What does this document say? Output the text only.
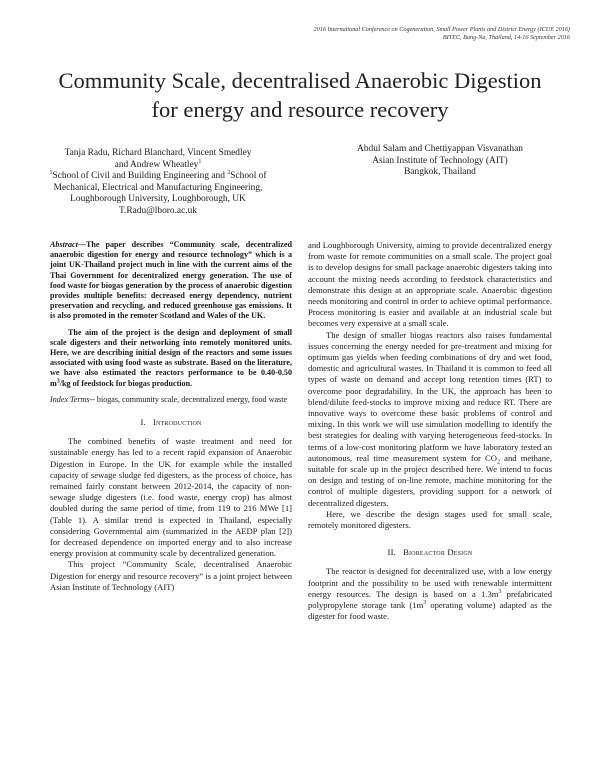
2016 International Conference on Cogeneration, Small Power Plants and District Energy (ICUE 2016)
BITEC, Bang-Na, Thailand, 14-16 September 2016
Community Scale, decentralised Anaerobic Digestion
for energy and resource recovery
Tanja Radu, Richard Blanchard, Vincent Smedley
and Andrew Wheatley$^1$
$^1$School of Civil and Building Engineering and $^2$School of
Mechanical, Electrical and Manufacturing Engineering,
Loughborough University, Loughborough, UK
T.Radu@lboro.ac.uk
Abdul Salam and Chettiyappan Visvanathan
Asian Institute of Technology (AIT)
Bangkok, Thailand

Abstract—The paper describes “Community scale, decentralized anaerobic digestion for energy and resource technology” which is a joint UK-Thailand project much in line with the current aims of the Thai Government for decentralized energy generation. The use of food waste for biogas generation by the process of anaerobic digestion provides multiple benefits: decreased energy dependency, nutrient preservation and recycling, and reduced greenhouse gas emissions. It is also promoted in the remoter Scotland and Wales of the UK.

The aim of the project is the design and deployment of small scale digesters and their networking into remotely monitored units. Here, we are describing initial design of the reactors and some issues associated with using food waste as substrate. Based on the literature, we have also estimated the reactors performance to be 0.40-0.50 $m^3/kg$ of feedstock for biogas production.

Index Terms-- biogas, community scale, decentralized energy, food waste

I. Introduction

The combined benefits of waste treatment and need for sustainable energy has led to a recent rapid expansion of Anaerobic Digestion in Europe. In the UK for example while the installed capacity of sewage sludge fed digesters, as the process of choice, has remained fairly constant between 2012-2014, the capacity of non- sewage sludge digesters (i.e. food waste, energy crop) has almost doubled during the same period of time, from 119 to 216 MWe [1] (Table 1). A similar trend is expected in Thailand, especially considering Governmental aim (summarized in the AEDP plan [2]) for decreased dependence on imported energy and to also increase energy provision at community scale by decentralized generation.

This project “Community Scale, decentralised Anaerobic Digestion for energy and resource recovery” is a joint project between Asian Institute of Technology (AIT)

and Loughborough University, aiming to provide decentralized energy from waste for remote communities on a small scale. The project goal is to develop designs for small package anaerobic digesters taking into account the mixing needs according to feedstock characteristics and demonstrate this design at an appropriate scale. Anaerobic digestion needs monitoring and control in order to achieve optimal performance. Process monitoring is easier and available at an industrial scale but becomes very expensive at a small scale.

The design of smaller biogas reactors also raises fundamental issues concerning the energy needed for pre-treatment and mixing for optimum gas yields when feeding combinations of dry and wet food, domestic and agricultural wastes. In Thailand it is common to feed all types of waste on demand and accept long retention times (RT) to overcome poor degradability. In the UK, the approach has been to blend/dilute feed-stocks to improve mixing and reduce RT. There are innovative ways to overcome these basic problems of control and mixing. In this work we will use simulation modelling to identify the best strategies for dealing with varying heterogeneous feed-stocks. In terms of a low-cost monitoring platform we have laboratory tested an autonomous, real time measurement system for $CO_2$ and methane, suitable for scale up in the project described here. We intend to focus on design and testing of on-line remote, machine monitoring for the control of multiple digesters, providing support for a network of decentralized digesters.

Here, we describe the design stages used for small scale, remotely monitored digesters.

II. Bioreactor Design

The reactor is designed for decentralized use, with a low energy footprint and the possibility to be used with renewable intermittent energy resources. The design is based on a $1.3m^3$ prefabricated polypropylene storage tank ($1m^3$ operating volume) adapted as the digester for food waste.
